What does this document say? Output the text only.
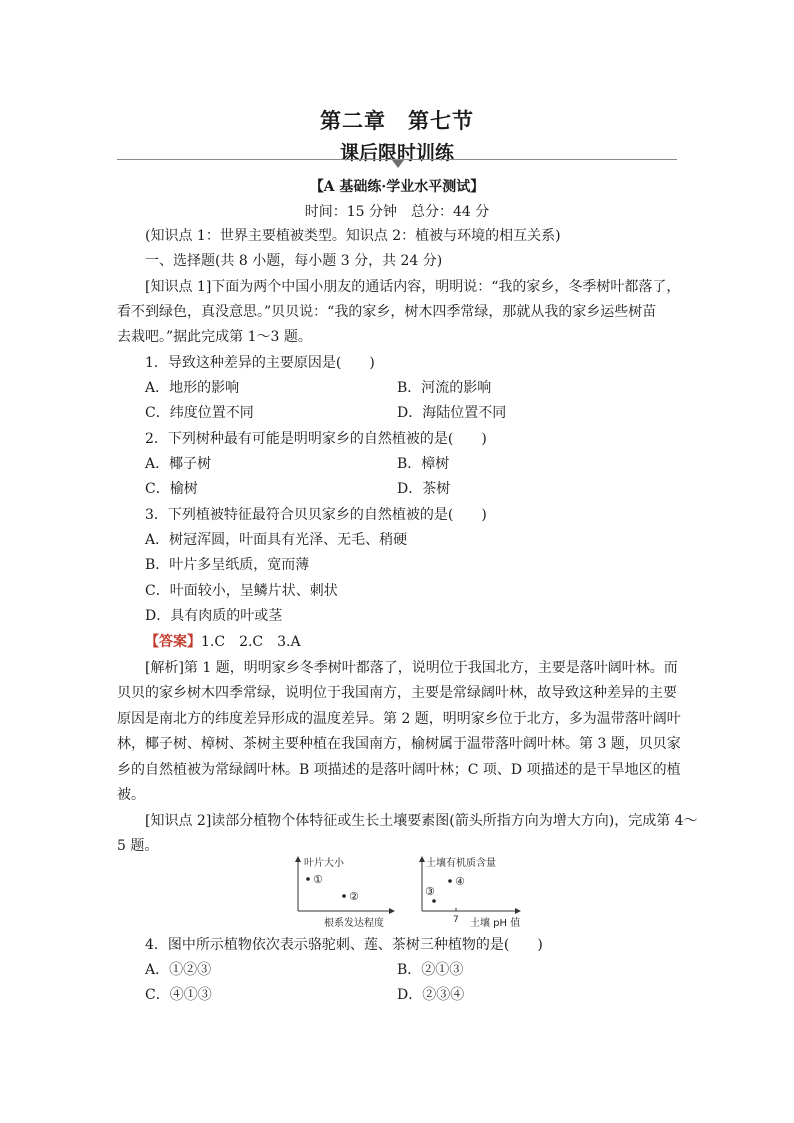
第二章　第七节
课后限时训练
【A 基础练·学业水平测试】
时间：15 分钟　总分：44 分
(知识点 1：世界主要植被类型。知识点 2：植被与环境的相互关系)
一、选择题(共 8 小题，每小题 3 分，共 24 分)
[知识点 1]下面为两个中国小朋友的通话内容，明明说：“我的家乡，冬季树叶都落了，
看不到绿色，真没意思。”贝贝说：“我的家乡，树木四季常绿，那就从我的家乡运些树苗
去栽吧。”据此完成第 1～3 题。
1．导致这种差异的主要原因是(　　)
A．地形的影响	B．河流的影响
C．纬度位置不同	D．海陆位置不同
2．下列树种最有可能是明明家乡的自然植被的是(　　)
A．椰子树	B．樟树
C．榆树	D．茶树
3．下列植被特征最符合贝贝家乡的自然植被的是(　　)
A．树冠浑圆，叶面具有光泽、无毛、稍硬
B．叶片多呈纸质，宽而薄
C．叶面较小，呈鳞片状、刺状
D．具有肉质的叶或茎
【答案】1.C　2.C　3.A
[解析]第 1 题，明明家乡冬季树叶都落了，说明位于我国北方，主要是落叶阔叶林。而
贝贝的家乡树木四季常绿，说明位于我国南方，主要是常绿阔叶林，故导致这种差异的主要
原因是南北方的纬度差异形成的温度差异。第 2 题，明明家乡位于北方，多为温带落叶阔叶
林，椰子树、樟树、茶树主要种植在我国南方，榆树属于温带落叶阔叶林。第 3 题，贝贝家
乡的自然植被为常绿阔叶林。B 项描述的是落叶阔叶林；C 项、D 项描述的是干旱地区的植
被。
[知识点 2]读部分植物个体特征或生长土壤要素图(箭头所指方向为增大方向)，完成第 4～
5 题。
叶片大小
①
②
根系发达程度
土壤有机质含量
④
③
7 土壤 pH 值
4．图中所示植物依次表示骆驼刺、莲、茶树三种植物的是(　　)
A．①②③	B．②①③
C．④①③	D．②③④
